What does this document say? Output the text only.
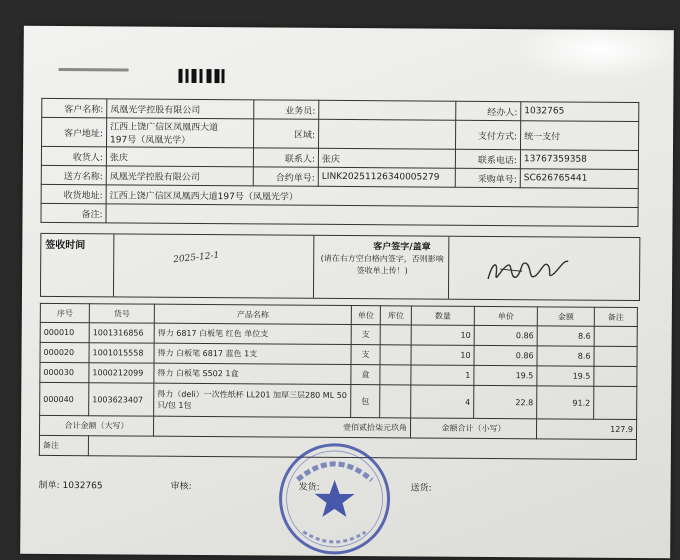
客户名称:	凤凰光学控股有限公司	业务员:		经办人:	1032765
客户地址:	江西上饶广信区凤凰西大道
197号（凤凰光学）	区域:		支付方式:	统一支付
收货人:	张庆	联系人:	张庆	联系电话:	13767359358
送方名称:	凤凰光学控股有限公司	合约单号:	LINK20251126340005279	采购单号:	SC626765441
收货地址:	江西上饶广信区凤凰西大道197号（凤凰光学）				
备注:					
签收时间
2025-12-1
客户签字/盖章
(请在右方空白格内签字，否则影响签收单上传！)
序号	货号	产品名称	单位	库位	数量	单价	金额	备注
000010	1001316856	得力 6817 白板笔 红色 单位支	支		10	0.86	8.6	
000020	1001015558	得力 白板笔 6817 蓝色 1支	支		10	0.86	8.6	
000030	1000212099	得力 白板笔 S502 1盒	盒		1	19.5	19.5	
000040	1003623407	得力（deli）一次性纸杯 LL201 加厚三层280 ML 50只/包 1包	包		4	22.8	91.2	
合计金额（大写）		壹佰贰拾柒元玖角			金额合计（小写）		127.9	
备注								
制单: 1032765	审核:	发货:	送货:
